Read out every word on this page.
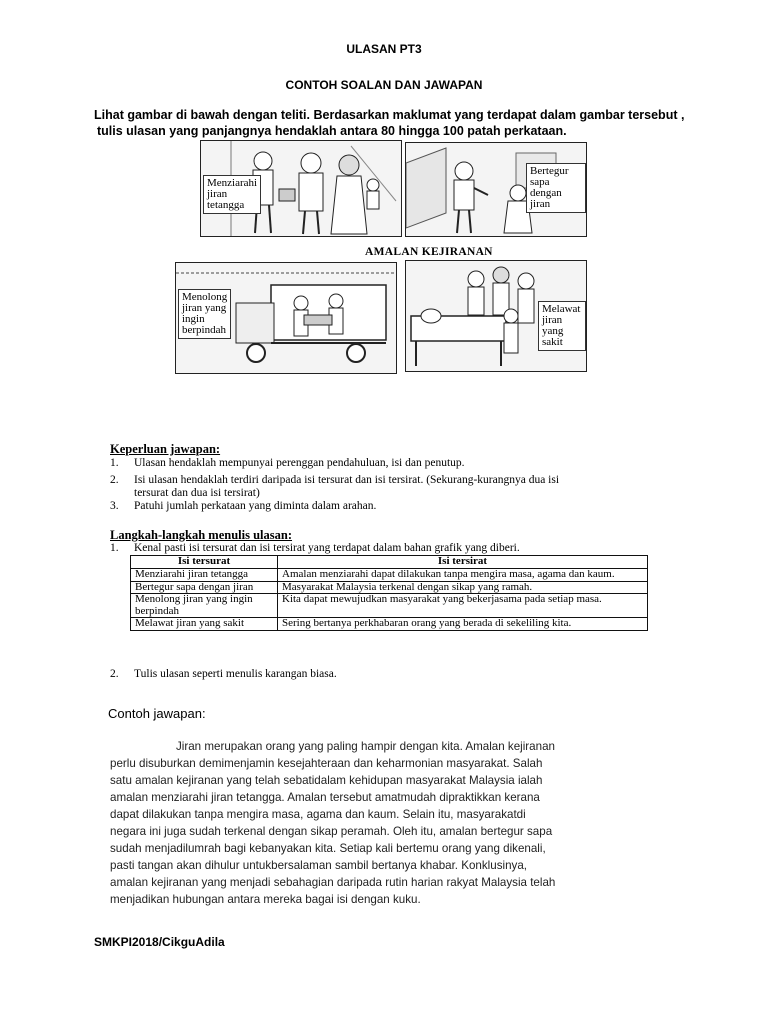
ULASAN PT3
CONTOH SOALAN DAN JAWAPAN
Lihat gambar di bawah dengan teliti. Berdasarkan maklumat yang terdapat dalam gambar tersebut ,
tulis ulasan yang panjangnya hendaklah antara 80 hingga 100 patah perkataan.
Menziarahi
jiran
tetangga
Bertegur
sapa dengan
jiran
AMALAN KEJIRANAN
Menolong
jiran yang
ingin
berpindah
Melawat
jiran yang
sakit
Keperluan jawapan:
1. Ulasan hendaklah mempunyai perenggan pendahuluan, isi dan penutup.
2. Isi ulasan hendaklah terdiri daripada isi tersurat dan isi tersirat. (Sekurang-kurangnya dua isi
tersurat dan dua isi tersirat)
3. Patuhi jumlah perkataan yang diminta dalam arahan.
Langkah-langkah menulis ulasan:
1. Kenal pasti isi tersurat dan isi tersirat yang terdapat dalam bahan grafik yang diberi.
Isi tersurat	Isi tersirat
Menziarahi jiran tetangga	Amalan menziarahi dapat dilakukan tanpa mengira masa, agama dan kaum.
Bertegur sapa dengan jiran	Masyarakat Malaysia terkenal dengan sikap yang ramah.
Menolong jiran yang ingin berpindah	Kita dapat mewujudkan masyarakat yang bekerjasama pada setiap masa.
Melawat jiran yang sakit	Sering bertanya perkhabaran orang yang berada di sekeliling kita.
2. Tulis ulasan seperti menulis karangan biasa.
Contoh jawapan:
Jiran merupakan orang yang paling hampir dengan kita. Amalan kejiranan
perlu disuburkan demimenjamin kesejahteraan dan keharmonian masyarakat. Salah
satu amalan kejiranan yang telah sebatidalam kehidupan masyarakat Malaysia ialah
amalan menziarahi jiran tetangga. Amalan tersebut amatmudah dipraktikkan kerana
dapat dilakukan tanpa mengira masa, agama dan kaum. Selain itu, masyarakatdi
negara ini juga sudah terkenal dengan sikap peramah. Oleh itu, amalan bertegur sapa
sudah menjadilumrah bagi kebanyakan kita. Setiap kali bertemu orang yang dikenali,
pasti tangan akan dihulur untukbersalaman sambil bertanya khabar. Konklusinya,
amalan kejiranan yang menjadi sebahagian daripada rutin harian rakyat Malaysia telah
menjadikan hubungan antara mereka bagai isi dengan kuku.
SMKPI2018/CikguAdila
